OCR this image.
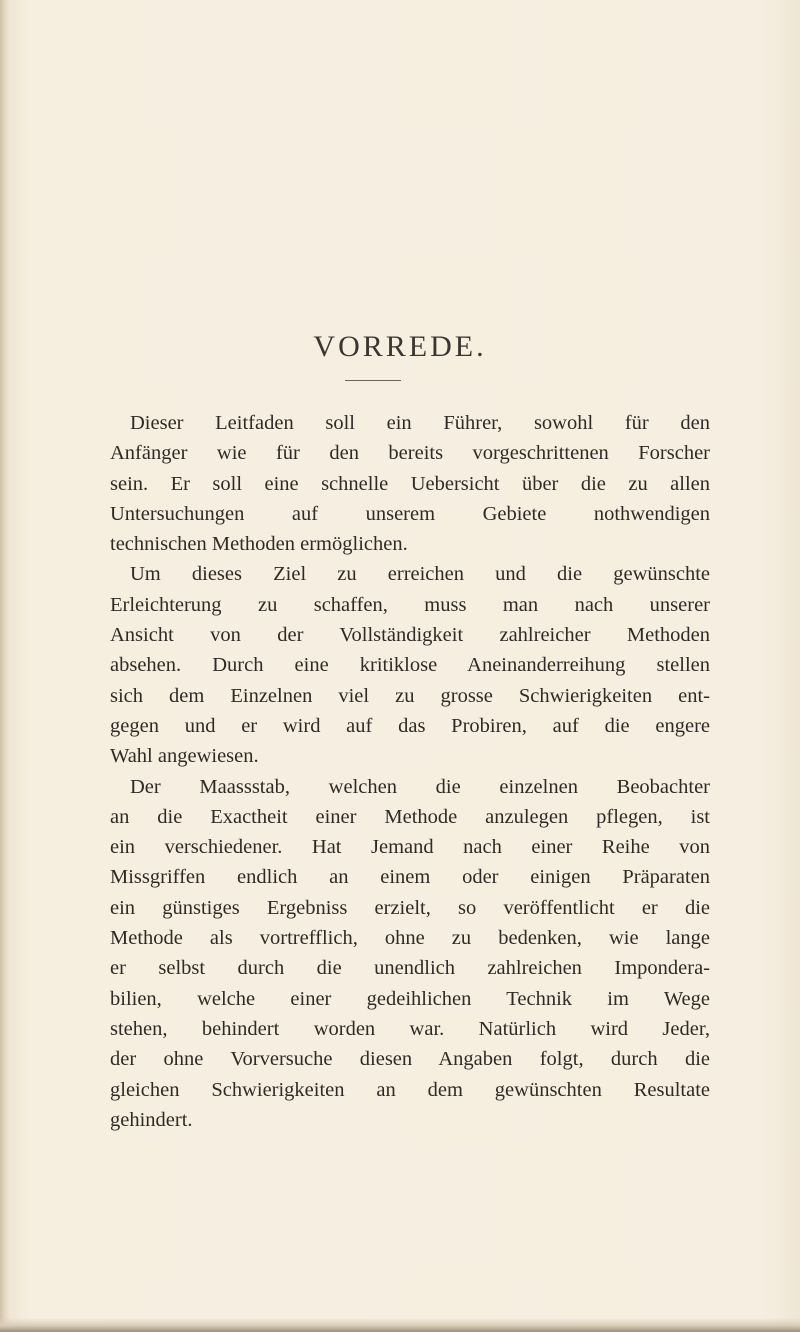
VORREDE.
Dieser Leitfaden soll ein Führer, sowohl für den
Anfänger wie für den bereits vorgeschrittenen Forscher
sein. Er soll eine schnelle Uebersicht über die zu allen
Untersuchungen auf unserem Gebiete nothwendigen
technischen Methoden ermöglichen.
Um dieses Ziel zu erreichen und die gewünschte
Erleichterung zu schaffen, muss man nach unserer
Ansicht von der Vollständigkeit zahlreicher Methoden
absehen. Durch eine kritiklose Aneinanderreihung stellen
sich dem Einzelnen viel zu grosse Schwierigkeiten ent-
gegen und er wird auf das Probiren, auf die engere
Wahl angewiesen.
Der Maassstab, welchen die einzelnen Beobachter
an die Exactheit einer Methode anzulegen pflegen, ist
ein verschiedener. Hat Jemand nach einer Reihe von
Missgriffen endlich an einem oder einigen Präparaten
ein günstiges Ergebniss erzielt, so veröffentlicht er die
Methode als vortrefflich, ohne zu bedenken, wie lange
er selbst durch die unendlich zahlreichen Impondera-
bilien, welche einer gedeihlichen Technik im Wege
stehen, behindert worden war. Natürlich wird Jeder,
der ohne Vorversuche diesen Angaben folgt, durch die
gleichen Schwierigkeiten an dem gewünschten Resultate
gehindert.
